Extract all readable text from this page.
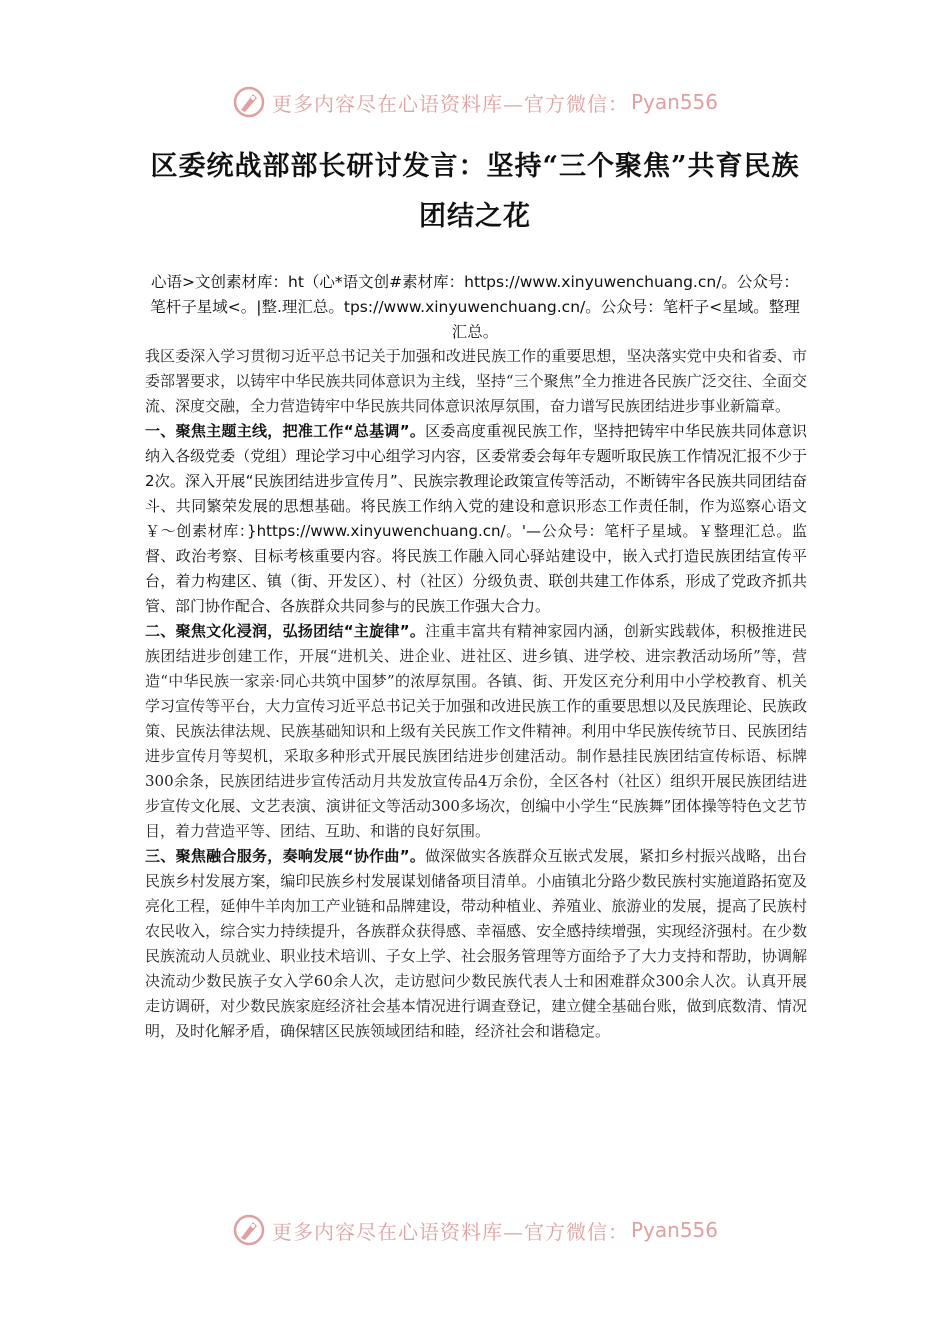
更多内容尽在心语资料库—官方微信： Pyan556
区委统战部部长研讨发言：坚持“三个聚焦”共育民族团结之花
心语>文创素材库：ht（心*语文创#素材库：https://www.xinyuwenchuang.cn/。公众号：笔杆子星域<。|整.理汇总。tps://www.xinyuwenchuang.cn/。公众号：笔杆子<星域。整理汇总。

我区委深入学习贯彻习近平总书记关于加强和改进民族工作的重要思想，坚决落实党中央和省委、市委部署要求，以铸牢中华民族共同体意识为主线，坚持“三个聚焦”全力推进各民族广泛交往、全面交流、深度交融，全力营造铸牢中华民族共同体意识浓厚氛围，奋力谱写民族团结进步事业新篇章。

一、聚焦主题主线，把准工作“总基调”。区委高度重视民族工作，坚持把铸牢中华民族共同体意识纳入各级党委（党组）理论学习中心组学习内容，区委常委会每年专题听取民族工作情况汇报不少于2次。深入开展“民族团结进步宣传月”、民族宗教理论政策宣传等活动，不断铸牢各民族共同团结奋斗、共同繁荣发展的思想基础。将民族工作纳入党的建设和意识形态工作责任制，作为巡察心语文￥～创素材库：}https://www.xinyuwenchuang.cn/。'—公众号：笔杆子星域。￥整理汇总。监督、政治考察、目标考核重要内容。将民族工作融入同心驿站建设中，嵌入式打造民族团结宣传平台，着力构建区、镇（街、开发区）、村（社区）分级负责、联创共建工作体系，形成了党政齐抓共管、部门协作配合、各族群众共同参与的民族工作强大合力。

二、聚焦文化浸润，弘扬团结“主旋律”。注重丰富共有精神家园内涵，创新实践载体，积极推进民族团结进步创建工作，开展“进机关、进企业、进社区、进乡镇、进学校、进宗教活动场所”等，营造“中华民族一家亲·同心共筑中国梦”的浓厚氛围。各镇、街、开发区充分利用中小学校教育、机关学习宣传等平台，大力宣传习近平总书记关于加强和改进民族工作的重要思想以及民族理论、民族政策、民族法律法规、民族基础知识和上级有关民族工作文件精神。利用中华民族传统节日、民族团结进步宣传月等契机，采取多种形式开展民族团结进步创建活动。制作悬挂民族团结宣传标语、标牌300余条，民族团结进步宣传活动月共发放宣传品4万余份，全区各村（社区）组织开展民族团结进步宣传文化展、文艺表演、演讲征文等活动300多场次，创编中小学生“民族舞”团体操等特色文艺节目，着力营造平等、团结、互助、和谐的良好氛围。

三、聚焦融合服务，奏响发展“协作曲”。做深做实各族群众互嵌式发展，紧扣乡村振兴战略，出台民族乡村发展方案，编印民族乡村发展谋划储备项目清单。小庙镇北分路少数民族村实施道路拓宽及亮化工程，延伸牛羊肉加工产业链和品牌建设，带动种植业、养殖业、旅游业的发展，提高了民族村农民收入，综合实力持续提升，各族群众获得感、幸福感、安全感持续增强，实现经济强村。在少数民族流动人员就业、职业技术培训、子女上学、社会服务管理等方面给予了大力支持和帮助，协调解决流动少数民族子女入学60余人次，走访慰问少数民族代表人士和困难群众300余人次。认真开展走访调研，对少数民族家庭经济社会基本情况进行调查登记，建立健全基础台账，做到底数清、情况明，及时化解矛盾，确保辖区民族领域团结和睦，经济社会和谐稳定。

更多内容尽在心语资料库—官方微信： Pyan556
